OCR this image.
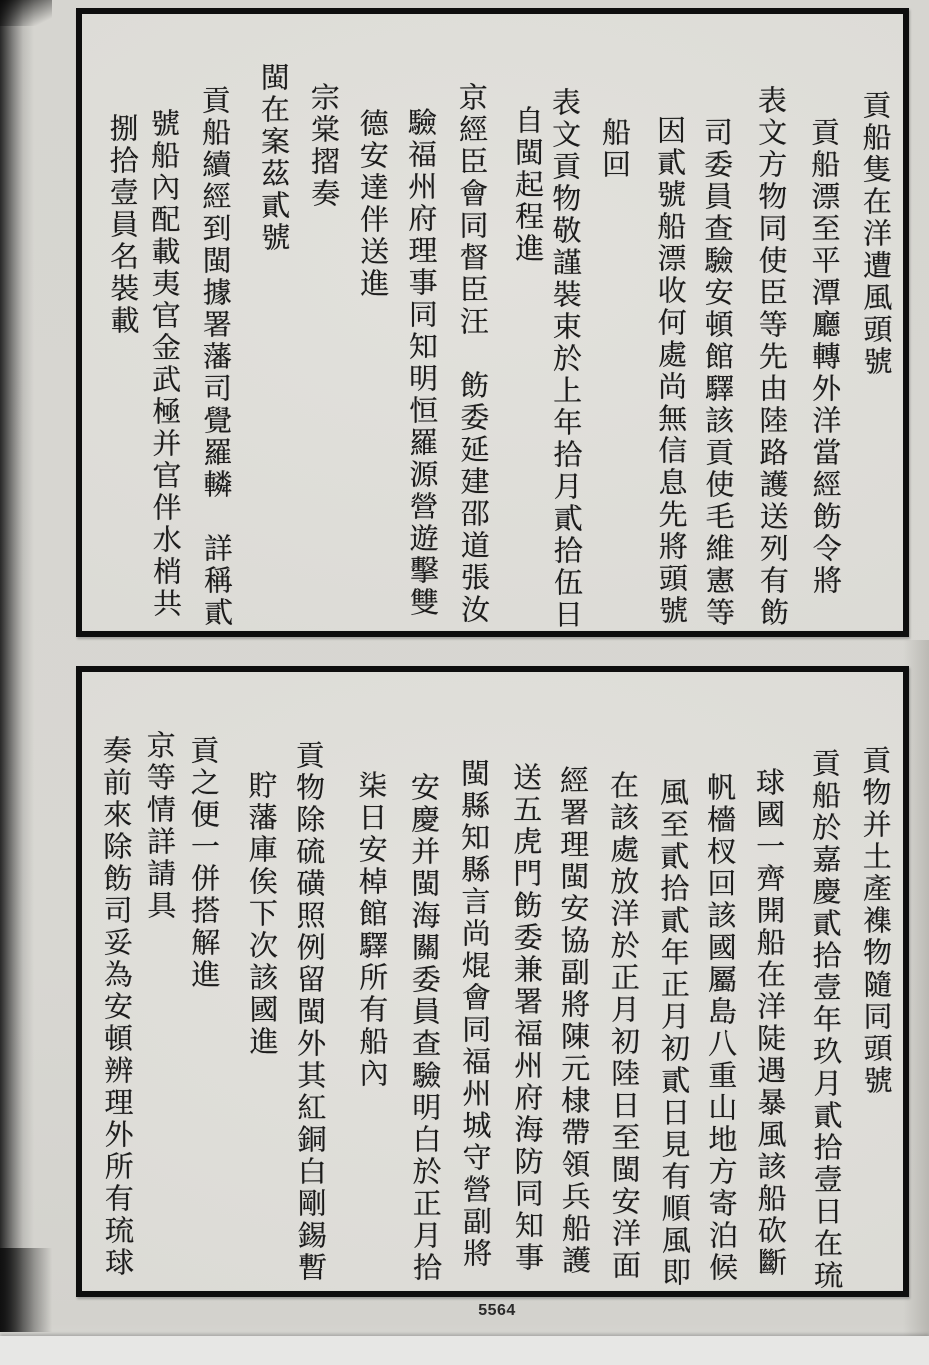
貢船隻在洋遭風頭號
貢船漂至平潭廳轉外洋當經飭令將
表文方物同使臣等先由陸路護送列有飭
司委員查驗安頓館驛該貢使毛維憲等
因貳號船漂收何處尚無信息先將頭號
船回
表文貢物敬謹裝束於上年拾月貳拾伍日
自閩起程進
京經臣會同督臣汪　飭委延建邵道張汝
驗福州府理事同知明恒羅源營遊擊雙
德安達伴送進
宗棠摺奏
閩在案茲貳號
貢船續經到閩據署藩司覺羅轔　詳稱貳
號船內配載夷官金武極并官伴水梢共
捌拾壹員名裝載
貢物并土產襍物隨同頭號
貢船於嘉慶貳拾壹年玖月貳拾壹日在琉
球國一齊開船在洋陡遇暴風該船砍斷
帆檣杈回該國屬島八重山地方寄泊候
風至貳拾貳年正月初貳日見有順風即
在該處放洋於正月初陸日至閩安洋面
經署理閩安協副將陳元棣帶領兵船護
送五虎門飭委兼署福州府海防同知事
閩縣知縣言尚焜會同福州城守營副將
安慶并閩海關委員查驗明白於正月拾
柒日安棹館驛所有船內
貢物除硫磺照例留閩外其紅銅白剛錫暫
貯藩庫俟下次該國進
貢之便一併搭解進
京等情詳請具
奏前來除飭司妥為安頓辨理外所有琉球
5564
